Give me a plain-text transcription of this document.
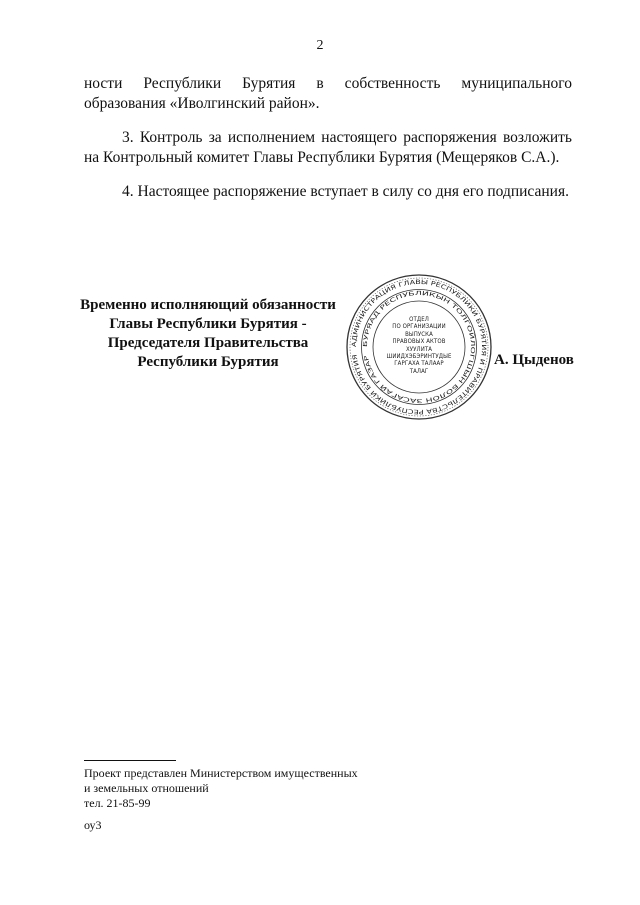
2
ности Республики Бурятия в собственность муниципального образования «Иволгинский район».
3. Контроль за исполнением настоящего распоряжения возложить на Контрольный комитет Главы Республики Бурятия (Мещеряков С.А.).
4. Настоящее распоряжение вступает в силу со дня его подписания.
Временно исполняющий обязанности
Главы Республики Бурятия -
Председателя Правительства
Республики Бурятия
АДМИНИСТРАЦИЯ ГЛАВЫ РЕСПУБЛИКИ БУРЯТИЯ И ПРАВИТЕЛЬСТВА РЕСПУБЛИКИ БУРЯТИЯ
БУРЯАД РЕСПУБЛИКЫН ТОЛГОЙЛОГШЫН БОЛОН ЗАСАГАЙ ГАЗАР
ОТДЕЛ
ПО ОРГАНИЗАЦИИ
ВЫПУСКА
ПРАВОВЫХ АКТОВ
ХУУЛИТА
ШИИДХЭБЭРИНТУДЫЕ
ГАРГАХА ТАЛААР
ТАЛАГ
А. Цыденов
Проект представлен Министерством имущественных
и земельных отношений
тел. 21-85-99
оу3
